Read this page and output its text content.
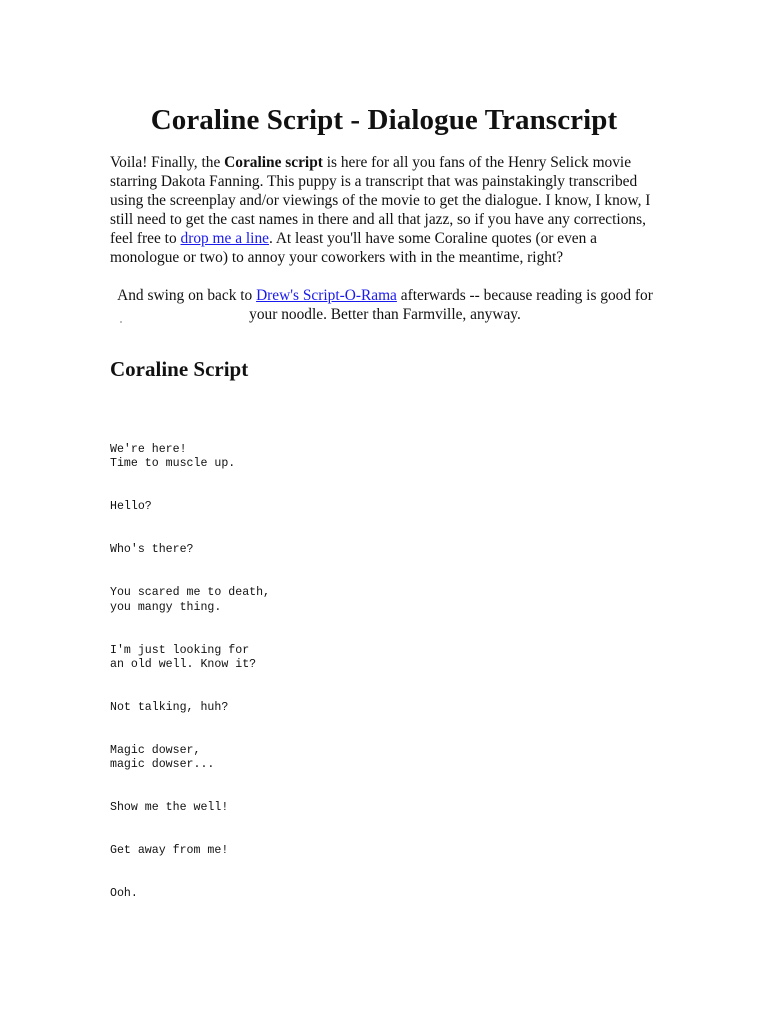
Coraline Script - Dialogue Transcript

Voila! Finally, the Coraline script is here for all you fans of the Henry Selick movie starring Dakota Fanning. This puppy is a transcript that was painstakingly transcribed using the screenplay and/or viewings of the movie to get the dialogue. I know, I know, I still need to get the cast names in there and all that jazz, so if you have any corrections, feel free to drop me a line. At least you'll have some Coraline quotes (or even a monologue or two) to annoy your coworkers with in the meantime, right?

And swing on back to Drew's Script-O-Rama afterwards -- because reading is good for your noodle. Better than Farmville, anyway.

Coraline Script
We're here!
Time to muscle up.
Hello?
Who's there?
You scared me to death,
you mangy thing.
I'm just looking for
an old well. Know it?
Not talking, huh?
Magic dowser,
magic dowser...
Show me the well!
Get away from me!
Ooh.
